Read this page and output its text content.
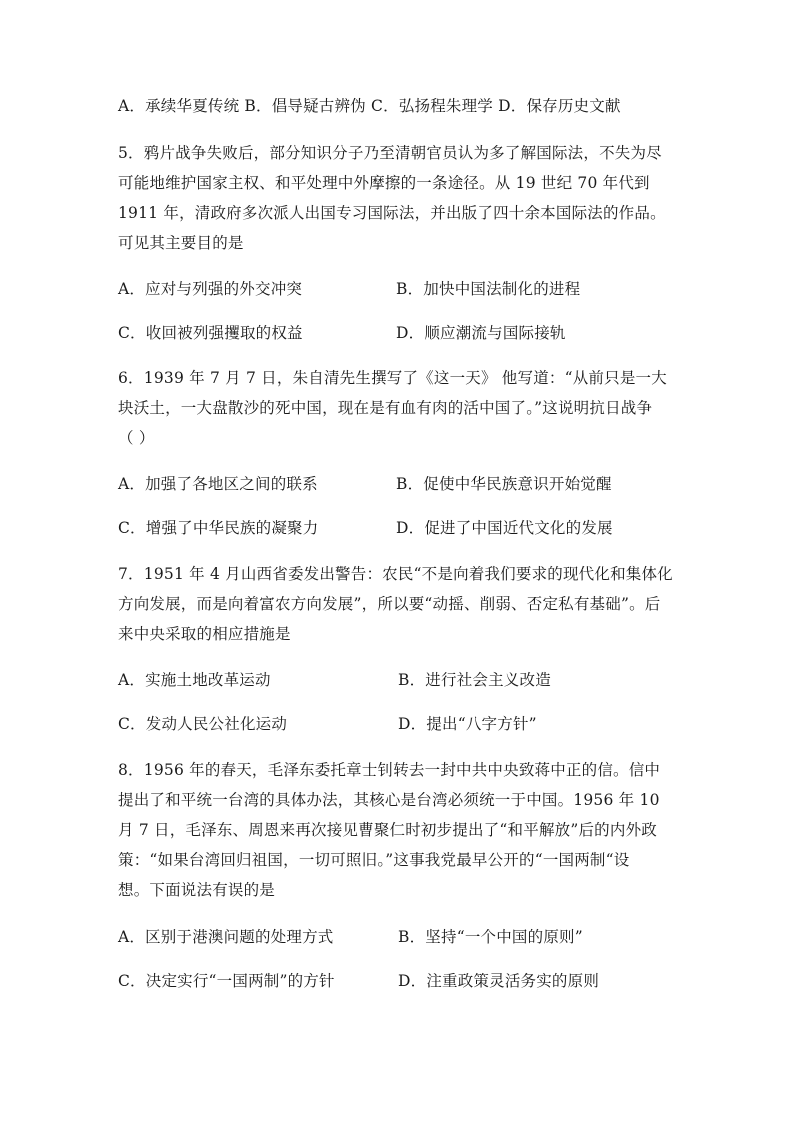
A．承续华夏传统 B．倡导疑古辨伪 C．弘扬程朱理学 D．保存历史文献
5．鸦片战争失败后，部分知识分子乃至清朝官员认为多了解国际法，不失为尽
可能地维护国家主权、和平处理中外摩擦的一条途径。从 19 世纪 70 年代到
1911 年，清政府多次派人出国专习国际法，并出版了四十余本国际法的作品。
可见其主要目的是
A．应对与列强的外交冲突	B．加快中国法制化的进程
C．收回被列强攫取的权益	D．顺应潮流与国际接轨
6．1939 年 7 月 7 日，朱自清先生撰写了《这一天》 他写道：“从前只是一大
块沃土，一大盘散沙的死中国，现在是有血有肉的活中国了。”这说明抗日战争
（ ）
A．加强了各地区之间的联系	B．促使中华民族意识开始觉醒
C．增强了中华民族的凝聚力	D．促进了中国近代文化的发展
7．1951 年 4 月山西省委发出警告：农民“不是向着我们要求的现代化和集体化
方向发展，而是向着富农方向发展”，所以要“动摇、削弱、否定私有基础”。后
来中央采取的相应措施是
A．实施土地改革运动	B．进行社会主义改造
C．发动人民公社化运动	D．提出“八字方针”
8．1956 年的春天，毛泽东委托章士钊转去一封中共中央致蒋中正的信。信中
提出了和平统一台湾的具体办法，其核心是台湾必须统一于中国。1956 年 10
月 7 日，毛泽东、周恩来再次接见曹聚仁时初步提出了“和平解放”后的内外政
策：“如果台湾回归祖国，一切可照旧。”这事我党最早公开的“一国两制“设
想。下面说法有误的是
A．区别于港澳问题的处理方式	B．坚持“一个中国的原则”
C．决定实行“一国两制”的方针	D．注重政策灵活务实的原则
